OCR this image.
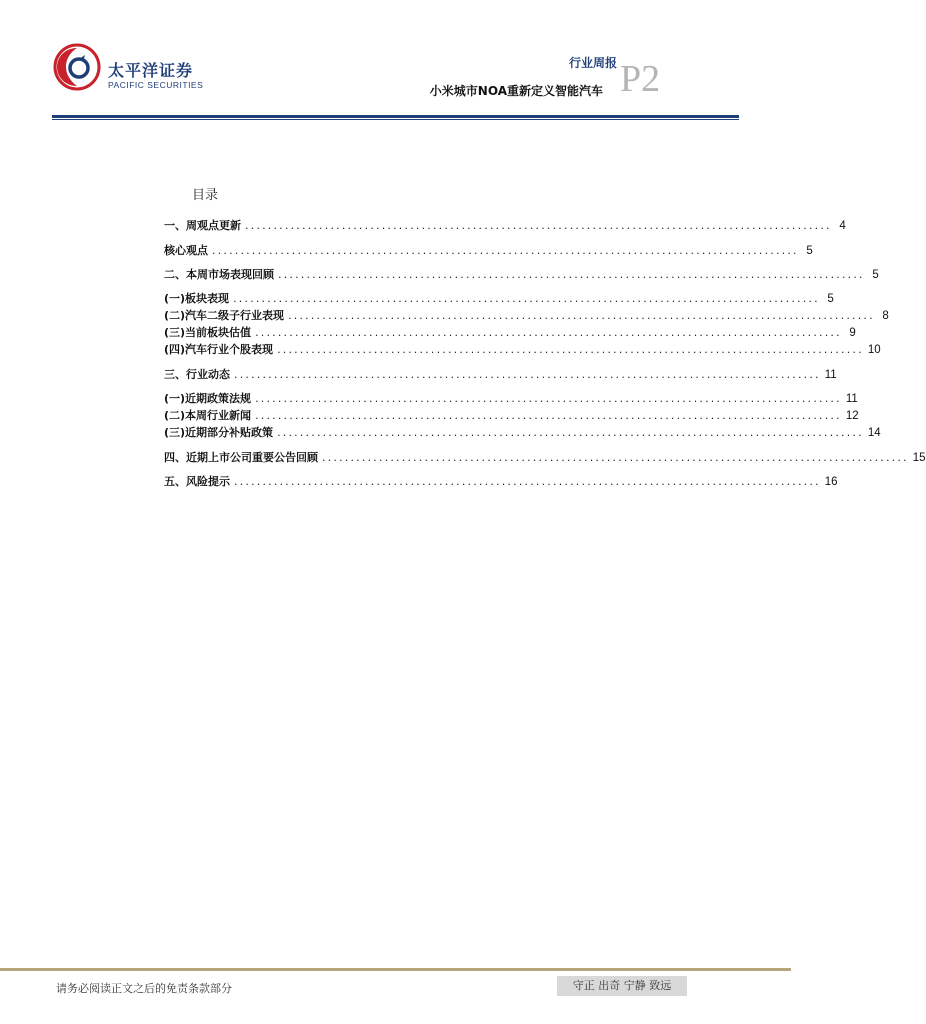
太平洋证券
PACIFIC SECURITIES
行业周报
小米城市NOA重新定义智能汽车 P2
目录
一、周观点更新 ....................................................................................................... 4
核心观点 ....................................................................................................... 5
二、本周市场表现回顾 ....................................................................................................... 5
(一)板块表现 ....................................................................................................... 5
(二)汽车二级子行业表现 ....................................................................................................... 8
(三)当前板块估值 ....................................................................................................... 9
(四)汽车行业个股表现 ....................................................................................................... 10
三、行业动态 ....................................................................................................... 11
(一)近期政策法规 ....................................................................................................... 11
(二)本周行业新闻 ....................................................................................................... 12
(三)近期部分补贴政策 ....................................................................................................... 14
四、近期上市公司重要公告回顾 ....................................................................................................... 15
五、风险提示 ....................................................................................................... 16
请务必阅读正文之后的免责条款部分	守正 出奇 宁静 致远
